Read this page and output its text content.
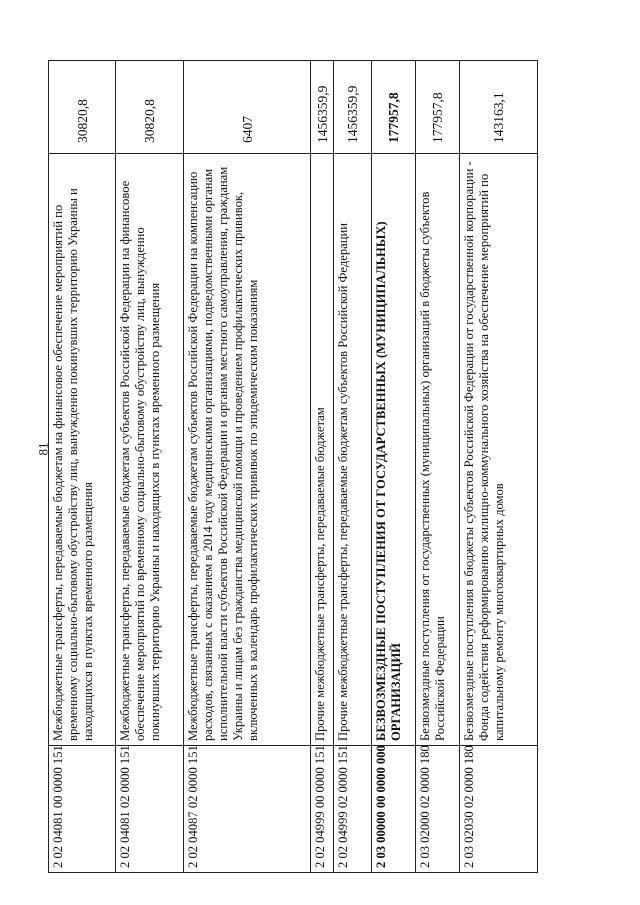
81
2 02 04081 00 0000 151	Межбюджетные трансферты, передаваемые бюджетам на финансовое обеспечение мероприятий по временному социально-бытовому обустройству лиц, вынужденно покинувших территорию Украины и находящихся в пунктах временного размещения	30820,8
2 02 04081 02 0000 151	Межбюджетные трансферты, передаваемые бюджетам субъектов Российской Федерации на финансовое обеспечение мероприятий по временному социально-бытовому обустройству лиц, вынужденно покинувших территорию Украины и находящихся в пунктах временного размещения	30820,8
2 02 04087 02 0000 151	Межбюджетные трансферты, передаваемые бюджетам субъектов Российской Федерации на компенсацию расходов, связанных с оказанием в 2014 году медицинскими организациями, подведомственными органам исполнительной власти субъектов Российской Федерации и органам местного самоуправления, гражданам Украины и лицам без гражданства медицинской помощи и проведением профилактических прививок, включенных в календарь профилактических прививок по эпидемическим показаниям	6407
2 02 04999 00 0000 151	Прочие межбюджетные трансферты, передаваемые бюджетам	1456359,9
2 02 04999 02 0000 151	Прочие межбюджетные трансферты, передаваемые бюджетам субъектов Российской Федерации	1456359,9
2 03 00000 00 0000 000	БЕЗВОЗМЕЗДНЫЕ ПОСТУПЛЕНИЯ ОТ ГОСУДАРСТВЕННЫХ (МУНИЦИПАЛЬНЫХ) ОРГАНИЗАЦИЙ	177957,8
2 03 02000 02 0000 180	Безвозмездные поступления от государственных (муниципальных) организаций в бюджеты субъектов Российской Федерации	177957,8
2 03 02030 02 0000 180	Безвозмездные поступления в бюджеты субъектов Российской Федерации от государственной корпорации - Фонда содействия реформированию жилищно-коммунального хозяйства на обеспечение мероприятий по капитальному ремонту многоквартирных домов	143163,1
